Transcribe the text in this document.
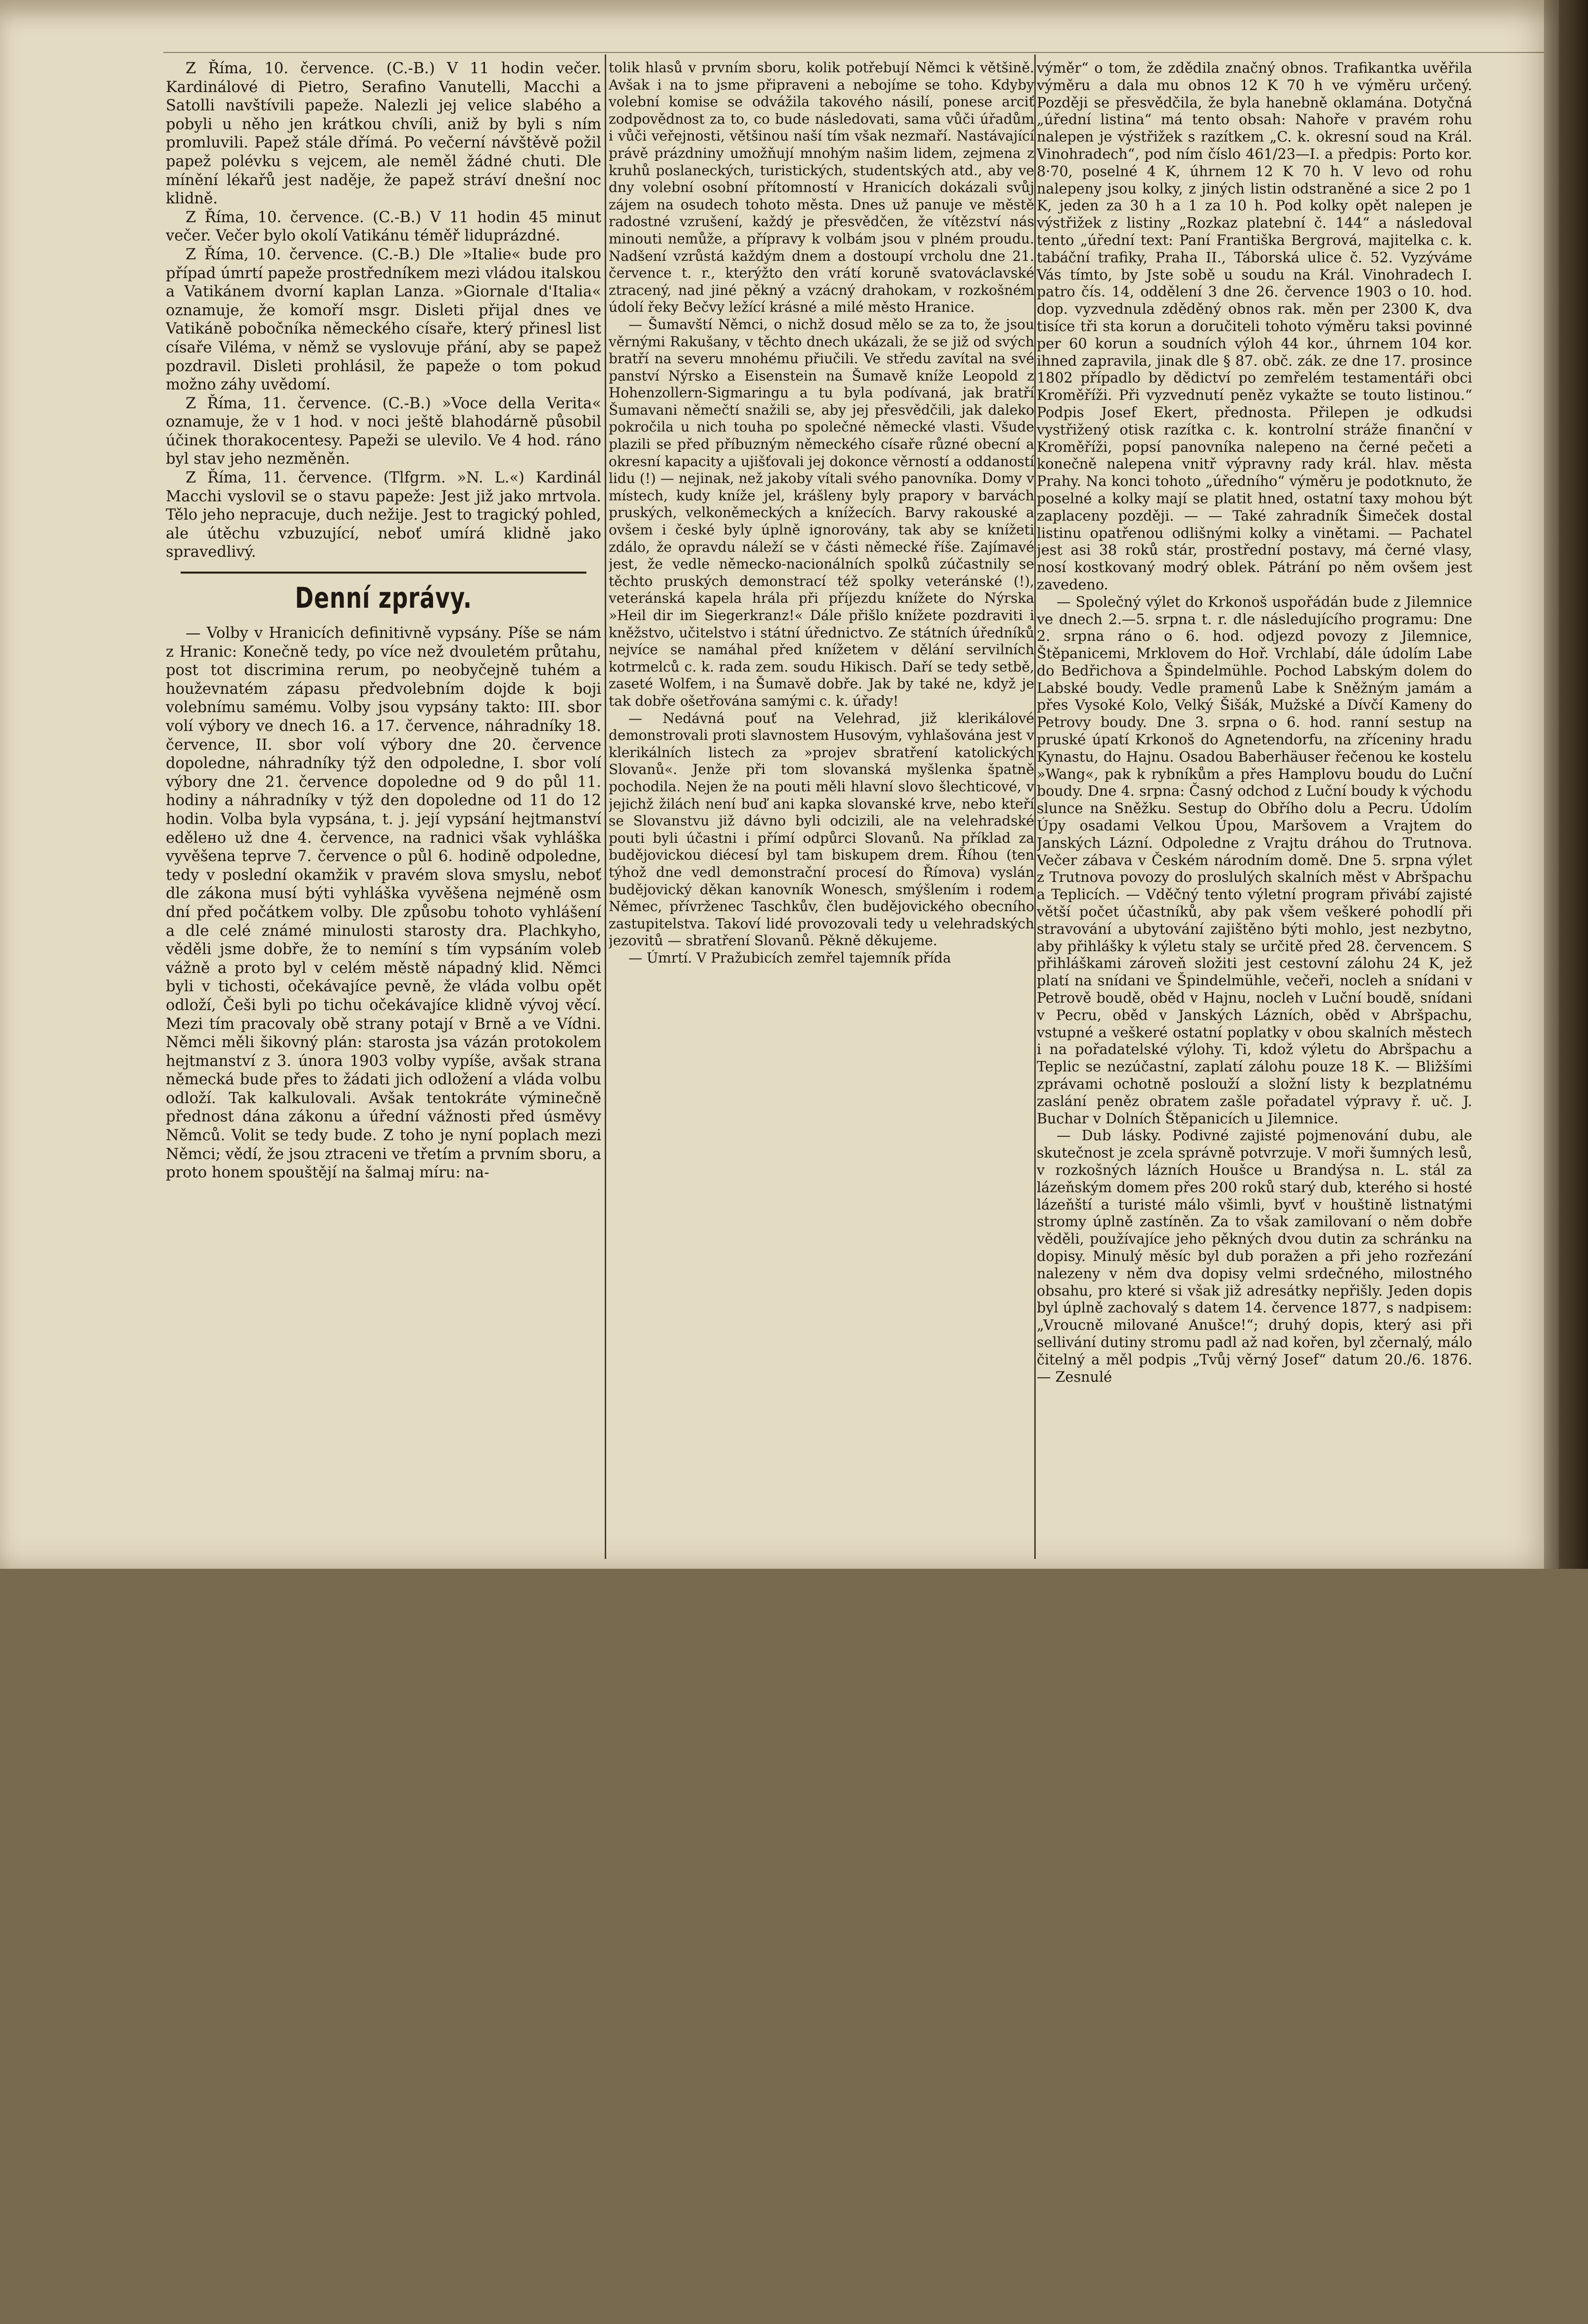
Z Říma, 10. července. (C.-B.) V 11 hodin večer. Kardinálové di Pietro, Serafino Vanutelli, Macchi a Satolli navštívili papeže. Nalezli jej velice slabého a pobyli u něho jen krátkou chvíli, aniž by byli s ním promluvili. Papež stále dřímá. Po večerní návštěvě požil papež polévku s vejcem, ale neměl žádné chuti. Dle mínění lékařů jest naděje, že papež stráví dnešní noc klidně.

Z Říma, 10. července. (C.-B.) V 11 hodin 45 minut večer. Večer bylo okolí Vatikánu téměř liduprázdné.

Z Říma, 10. července. (C.-B.) Dle »Italie« bude pro případ úmrtí papeže prostředníkem mezi vládou italskou a Vatikánem dvorní kaplan Lanza. »Giornale d'Italia« oznamuje, že komoří msgr. Disleti přijal dnes ve Vatikáně pobočníka německého císaře, který přinesl list císaře Viléma, v němž se vyslovuje přání, aby se papež pozdravil. Disleti prohlásil, že papeže o tom pokud možno záhy uvědomí.

Z Říma, 11. července. (C.-B.) »Voce della Verita« oznamuje, že v 1 hod. v noci ještě blahodárně působil účinek thorakocentesy. Papeži se ulevilo. Ve 4 hod. ráno byl stav jeho nezměněn.

Z Říma, 11. července. (Tlfgrm. »N. L.«) Kardinál Macchi vyslovil se o stavu papeže: Jest již jako mrtvola. Tělo jeho nepracuje, duch nežije. Jest to tragický pohled, ale útěchu vzbuzující, neboť umírá klidně jako spravedlivý.

Denní zprávy.

— Volby v Hranicích definitivně vypsány. Píše se nám z Hranic: Konečně tedy, po více než dvouletém průtahu, post tot discrimina rerum, po neobyčejně tuhém a houževnatém zápasu předvolebním dojde k boji volebnímu samému. Volby jsou vypsány takto: III. sbor volí výbory ve dnech 16. a 17. července, náhradníky 18. července, II. sbor volí výbory dne 20. července dopoledne, náhradníky týž den odpoledne, I. sbor volí výbory dne 21. července dopoledne od 9 do půl 11. hodiny a náhradníky v týž den dopoledne od 11 do 12 hodin. Volba byla vypsána, t. j. její vypsání hejtmanství edělено už dne 4. července, na radnici však vyhláška vyvěšena teprve 7. července o půl 6. hodině odpoledne, tedy v poslední okamžik v pravém slova smyslu, neboť dle zákona musí býti vyhláška vyvěšena nejméně osm dní před počátkem volby. Dle způsobu tohoto vyhlášení a dle celé známé minulosti starosty dra. Plachkyho, věděli jsme dobře, že to nemíní s tím vypsáním voleb vážně a proto byl v celém městě nápadný klid. Němci byli v tichosti, očekávajíce pevně, že vláda volbu opět odloží, Češi byli po tichu očekávajíce klidně vývoj věcí. Mezi tím pracovaly obě strany potají v Brně a ve Vídni. Němci měli šikovný plán: starosta jsa vázán protokolem hejtmanství z 3. února 1903 volby vypíše, avšak strana německá bude přes to žádati jich odložení a vláda volbu odloží. Tak kalkulovali. Avšak tentokráte výminečně přednost dána zákonu a úřední vážnosti před úsměvy Němců. Volit se tedy bude. Z toho je nyní poplach mezi Němci; vědí, že jsou ztraceni ve třetím a prvním sboru, a proto honem spouštějí na šalmaj míru: na-

tolik hlasů v prvním sboru, kolik potřebují Němci k většině. Avšak i na to jsme připraveni a nebojíme se toho. Kdyby volební komise se odvážila takového násilí, ponese arciť zodpovědnost za to, co bude následovati, sama vůči úřadům i vůči veřejnosti, většinou naší tím však nezmaří. Nastávající právě prázdniny umožňují mnohým našim lidem, zejmena z kruhů poslaneckých, turistických, studentských atd., aby ve dny volební osobní přítomností v Hranicích dokázali svůj zájem na osudech tohoto města. Dnes už panuje ve městě radostné vzrušení, každý je přesvědčen, že vítězství nás minouti nemůže, a přípravy k volbám jsou v plném proudu. Nadšení vzrůstá každým dnem a dostoupí vrcholu dne 21. července t. r., kterýžto den vrátí koruně svatováclavské ztracený, nad jiné pěkný a vzácný drahokam, v rozkošném údolí řeky Bečvy ležící krásné a milé město Hranice.

— Šumavští Němci, o nichž dosud mělo se za to, že jsou věrnými Rakušany, v těchto dnech ukázali, že se již od svých bratří na severu mnohému přiučili. Ve středu zavítal na své panství Nýrsko a Eisenstein na Šumavě kníže Leopold z Hohenzollern-Sigmaringu a tu byla podívaná, jak bratří Šumavani němečtí snažili se, aby jej přesvědčili, jak daleko pokročila u nich touha po společné německé vlasti. Všude plazili se před příbuzným německého císaře různé obecní a okresní kapacity a ujišťovali jej dokonce věrností a oddaností lidu (!) — nejinak, než jakoby vítali svého panovníka. Domy v místech, kudy kníže jel, krášleny byly prapory v barvách pruských, velkoněmeckých a knížecích. Barvy rakouské a ovšem i české byly úplně ignorovány, tak aby se knížeti zdálo, že opravdu náleží se v části německé říše. Zajímavé jest, že vedle německo-nacionálních spolků zúčastnily se těchto pruských demonstrací též spolky veteránské (!), veteránská kapela hrála při příjezdu knížete do Nýrska »Heil dir im Siegerkranz!« Dále přišlo knížete pozdraviti i kněžstvo, učitelstvo i státní úřednictvo. Ze státních úředníků nejvíce se namáhal před knížetem v dělání servilních kotrmelců c. k. rada zem. soudu Hikisch. Daří se tedy setbě, zaseté Wolfem, i na Šumavě dobře. Jak by také ne, když je tak dobře ošetřována samými c. k. úřady!

— Nedávná pouť na Velehrad, již klerikálové demonstrovali proti slavnostem Husovým, vyhlašována jest v klerikálních listech za »projev sbratření katolických Slovanů«. Jenže při tom slovanská myšlenka špatně pochodila. Nejen že na pouti měli hlavní slovo šlechticové, v jejichž žilách není buď ani kapka slovanské krve, nebo kteří se Slovanstvu již dávno byli odcizili, ale na velehradské pouti byli účastni i přímí odpůrci Slovanů. Na příklad za budějovickou diécesí byl tam biskupem drem. Říhou (ten týhož dne vedl demonstrační procesí do Římova) vyslán budějovický děkan kanovník Wonesch, smýšlením i rodem Němec, přívrženec Taschkův, člen budějovického obecního zastupitelstva. Takoví lidé provozovali tedy u velehradských jezovitů — sbratření Slovanů. Pěkně děkujeme.

— Úmrtí. V Pražubicích zemřel tajemník přída

výměr“ o tom, že zdědila značný obnos. Trafikantka uvěřila výměru a dala mu obnos 12 K 70 h ve výměru určený. Později se přesvědčila, že byla hanebně oklamána. Dotyčná „úřední listina“ má tento obsah: Nahoře v pravém rohu nalepen je výstřižek s razítkem „C. k. okresní soud na Král. Vinohradech“, pod ním číslo 461/23—I. a předpis: Porto kor. 8·70, poselné 4 K, úhrnem 12 K 70 h. V levo od rohu nalepeny jsou kolky, z jiných listin odstraněné a sice 2 po 1 K, jeden za 30 h a 1 za 10 h. Pod kolky opět nalepen je výstřižek z listiny „Rozkaz platební č. 144“ a následoval tento „úřední text: Paní Františka Bergrová, majitelka c. k. tabáční trafiky, Praha II., Táborská ulice č. 52. Vyzýváme Vás tímto, by Jste sobě u soudu na Král. Vinohradech I. patro čís. 14, oddělení 3 dne 26. července 1903 o 10. hod. dop. vyzvednula zděděný obnos rak. měn per 2300 K, dva tisíce tři sta korun a doručiteli tohoto výměru taksi povinné per 60 korun a soudních výloh 44 kor., úhrnem 104 kor. ihned zapravila, jinak dle § 87. obč. zák. ze dne 17. prosince 1802 případlo by dědictví po zemřelém testamentáři obci Kroměříži. Při vyzvednutí peněz vykažte se touto listinou.“ Podpis Josef Ekert, přednosta. Přilepen je odkudsi vystřižený otisk razítka c. k. kontrolní stráže finanční v Kroměříži, popsí panovníka nalepeno na černé pečeti a konečně nalepena vnitř výpravny rady král. hlav. města Prahy. Na konci tohoto „úředního“ výměru je podotknuto, že poselné a kolky mají se platit hned, ostatní taxy mohou být zaplaceny později. — — Také zahradník Šimeček dostal listinu opatřenou odlišnými kolky a vinětami. — Pachatel jest asi 38 roků stár, prostřední postavy, má černé vlasy, nosí kostkovaný modrý oblek. Pátrání po něm ovšem jest zavedeno.

— Společný výlet do Krkonoš uspořádán bude z Jilemnice ve dnech 2.—5. srpna t. r. dle následujícího programu: Dne 2. srpna ráno o 6. hod. odjezd povozy z Jilemnice, Štěpanicemi, Mrklovem do Hoř. Vrchlabí, dále údolím Labe do Bedřichova a Špindelmühle. Pochod Labským dolem do Labské boudy. Vedle pramenů Labe k Sněžným jamám a přes Vysoké Kolo, Velký Šišák, Mužské a Dívčí Kameny do Petrovy boudy. Dne 3. srpna o 6. hod. ranní sestup na pruské úpatí Krkonoš do Agnetendorfu, na zříceniny hradu Kynastu, do Hajnu. Osadou Baberhäuser řečenou ke kostelu »Wang«, pak k rybníkům a přes Hamplovu boudu do Luční boudy. Dne 4. srpna: Časný odchod z Luční boudy k východu slunce na Sněžku. Sestup do Obřího dolu a Pecru. Údolím Úpy osadami Velkou Úpou, Maršovem a Vrajtem do Janských Lázní. Odpoledne z Vrajtu dráhou do Trutnova. Večer zábava v Českém národním domě. Dne 5. srpna výlet z Trutnova povozy do proslulých skalních měst v Abršpachu a Teplicích. — Vděčný tento výletní program přivábí zajisté větší počet účastníků, aby pak všem veškeré pohodlí při stravování a ubytování zajištěno býti mohlo, jest nezbytno, aby přihlášky k výletu staly se určitě před 28. červencem. S přihláškami zároveň složiti jest cestovní zálohu 24 K, jež platí na snídani ve Špindelmühle, večeři, nocleh a snídani v Petrově boudě, oběd v Hajnu, nocleh v Luční boudě, snídani v Pecru, oběd v Janských Lázních, oběd v Abršpachu, vstupné a veškeré ostatní poplatky v obou skalních městech i na pořadatelské výlohy. Ti, kdož výletu do Abršpachu a Teplic se nezúčastní, zaplatí zálohu pouze 18 K. — Bližšími zprávami ochotně poslouží a složní listy k bezplatnému zaslání peněz obratem zašle pořadatel výpravy ř. uč. J. Buchar v Dolních Štěpanicích u Jilemnice.

— Dub lásky. Podivné zajisté pojmenování dubu, ale skutečnost je zcela správně potvrzuje. V moři šumných lesů, v rozkošných lázních Houšce u Brandýsa n. L. stál za lázeňským domem přes 200 roků starý dub, kterého si hosté lázeňští a turisté málo všimli, byvť v houštině listnatými stromy úplně zastíněn. Za to však zamilovaní o něm dobře věděli, používajíce jeho pěkných dvou dutin za schránku na dopisy. Minulý měsíc byl dub poražen a při jeho rozřezání nalezeny v něm dva dopisy velmi srdečného, milostného obsahu, pro které si však již adresátky nepřišly. Jeden dopis byl úplně zachovalý s datem 14. července 1877, s nadpisem: „Vroucně milované Anušce!“; druhý dopis, který asi při sellivání dutiny stromu padl až nad kořen, byl zčernalý, málo čitelný a měl podpis „Tvůj věrný Josef“ datum 20./6. 1876. — Zesnulé
